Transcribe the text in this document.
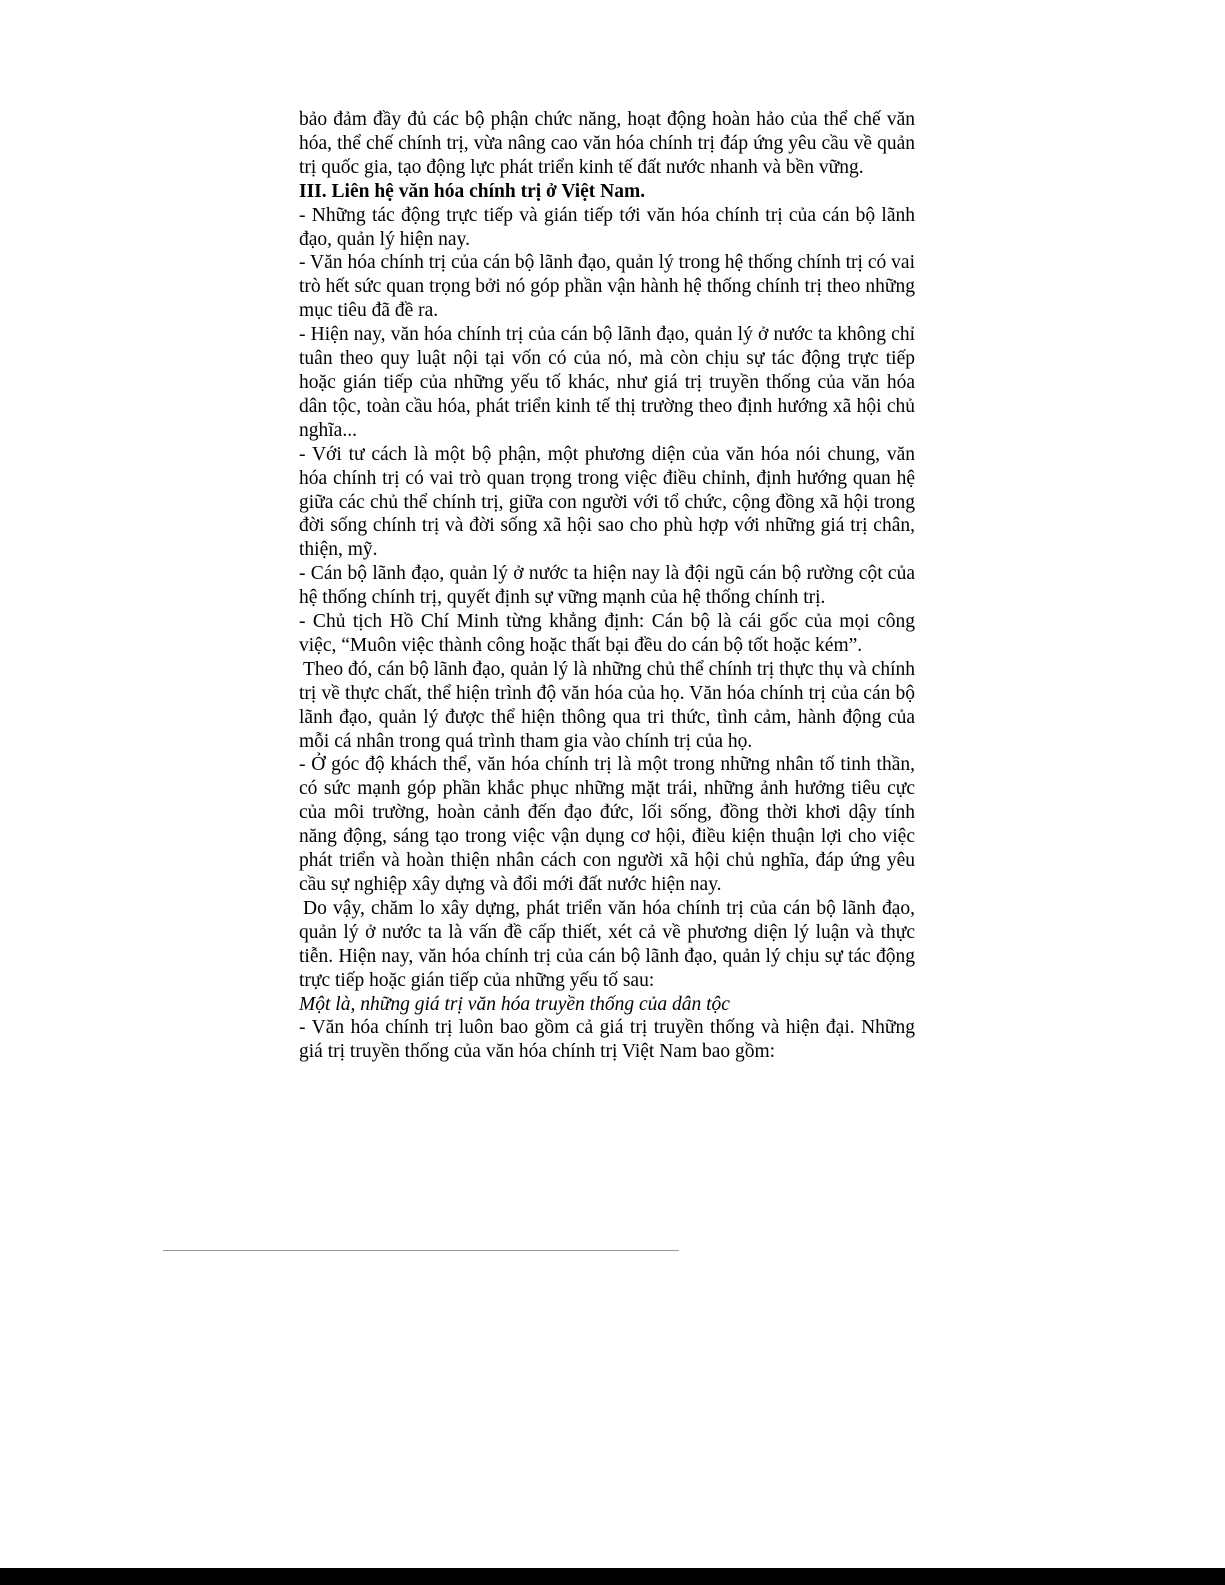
bảo đảm đầy đủ các bộ phận chức năng, hoạt động hoàn hảo của thể chế văn hóa, thể chế chính trị, vừa nâng cao văn hóa chính trị đáp ứng yêu cầu về quản trị quốc gia, tạo động lực phát triển kinh tế đất nước nhanh và bền vững.

III. Liên hệ văn hóa chính trị ở Việt Nam.

- Những tác động trực tiếp và gián tiếp tới văn hóa chính trị của cán bộ lãnh đạo, quản lý hiện nay.

- Văn hóa chính trị của cán bộ lãnh đạo, quản lý trong hệ thống chính trị có vai trò hết sức quan trọng bởi nó góp phần vận hành hệ thống chính trị theo những mục tiêu đã đề ra.

- Hiện nay, văn hóa chính trị của cán bộ lãnh đạo, quản lý ở nước ta không chỉ tuân theo quy luật nội tại vốn có của nó, mà còn chịu sự tác động trực tiếp hoặc gián tiếp của những yếu tố khác, như giá trị truyền thống của văn hóa dân tộc, toàn cầu hóa, phát triển kinh tế thị trường theo định hướng xã hội chủ nghĩa...

- Với tư cách là một bộ phận, một phương diện của văn hóa nói chung, văn hóa chính trị có vai trò quan trọng trong việc điều chỉnh, định hướng quan hệ giữa các chủ thể chính trị, giữa con người với tổ chức, cộng đồng xã hội trong đời sống chính trị và đời sống xã hội sao cho phù hợp với những giá trị chân, thiện, mỹ.

- Cán bộ lãnh đạo, quản lý ở nước ta hiện nay là đội ngũ cán bộ rường cột của hệ thống chính trị, quyết định sự vững mạnh của hệ thống chính trị.

- Chủ tịch Hồ Chí Minh từng khẳng định: Cán bộ là cái gốc của mọi công việc, “Muôn việc thành công hoặc thất bại đều do cán bộ tốt hoặc kém”.

Theo đó, cán bộ lãnh đạo, quản lý là những chủ thể chính trị thực thụ và chính trị về thực chất, thể hiện trình độ văn hóa của họ. Văn hóa chính trị của cán bộ lãnh đạo, quản lý được thể hiện thông qua tri thức, tình cảm, hành động của mỗi cá nhân trong quá trình tham gia vào chính trị của họ.

- Ở góc độ khách thể, văn hóa chính trị là một trong những nhân tố tinh thần, có sức mạnh góp phần khắc phục những mặt trái, những ảnh hưởng tiêu cực của môi trường, hoàn cảnh đến đạo đức, lối sống, đồng thời khơi dậy tính năng động, sáng tạo trong việc vận dụng cơ hội, điều kiện thuận lợi cho việc phát triển và hoàn thiện nhân cách con người xã hội chủ nghĩa, đáp ứng yêu cầu sự nghiệp xây dựng và đổi mới đất nước hiện nay.

Do vậy, chăm lo xây dựng, phát triển văn hóa chính trị của cán bộ lãnh đạo, quản lý ở nước ta là vấn đề cấp thiết, xét cả về phương diện lý luận và thực tiễn. Hiện nay, văn hóa chính trị của cán bộ lãnh đạo, quản lý chịu sự tác động trực tiếp hoặc gián tiếp của những yếu tố sau:

Một là, những giá trị văn hóa truyền thống của dân tộc

- Văn hóa chính trị luôn bao gồm cả giá trị truyền thống và hiện đại. Những giá trị truyền thống của văn hóa chính trị Việt Nam bao gồm:
